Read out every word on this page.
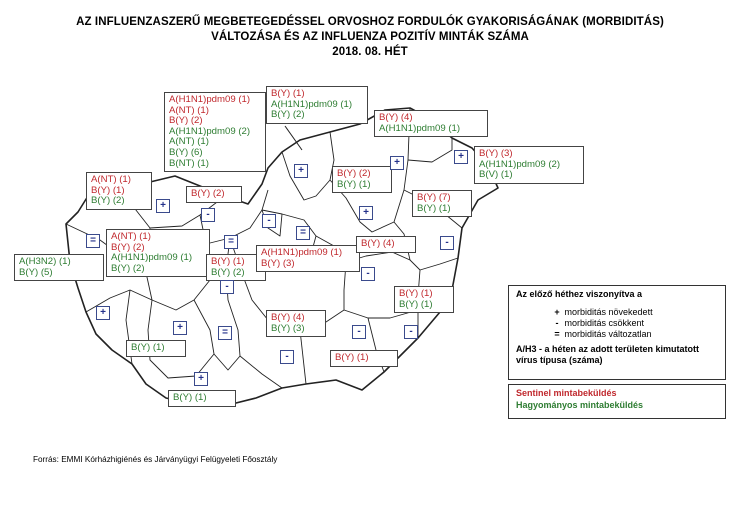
AZ INFLUENZASZERŰ MEGBETEGEDÉSSEL ORVOSHOZ FORDULÓK GYAKORISÁGÁNAK (MORBIDITÁS)
VÁLTOZÁSA ÉS AZ INFLUENZA POZITÍV MINTÁK SZÁMA
2018. 08. HÉT
A(H1N1)pdm09 (1)
A(NT) (1)
B(Y) (2)
A(H1N1)pdm09 (2)
A(NT) (1)
B(Y) (6)
B(NT) (1)
B(Y) (1)
A(H1N1)pdm09 (1)
B(Y) (2)	B(Y) (4)
A(H1N1)pdm09 (1)
B(Y) (3)
A(H1N1)pdm09 (2)
B(V) (1)
A(NT) (1)
B(Y) (1)
B(Y) (2)
B(Y) (2)
B(Y) (2)
B(Y) (1)
B(Y) (7)
B(Y) (1)
A(H3N2) (1)
B(Y) (5)
A(NT) (1)
B(Y) (2)
A(H1N1)pdm09 (1)
B(Y) (2)
B(Y) (1)
B(Y) (2)
A(H1N1)pdm09 (1)
B(Y) (3)
B(Y) (4)
B(Y) (1)
B(Y) (1)
B(Y) (4)
B(Y) (3)
B(Y) (1)
B(Y) (1)
B(Y) (1)
+
+
+
+
-
-
=
+
-
=	=
-
-
+
+	=
-
-	-
+
Az előző héthez viszonyítva a
+ morbiditás növekedett
- morbiditás csökkent
= morbiditás változatlan
A/H3 - a héten az adott területen kimutatott
vírus típusa (száma)
Sentinel mintabeküldés
Hagyományos mintabeküldés
Forrás: EMMI Kórházhigiénés és Járványügyi Felügyeleti Főosztály
